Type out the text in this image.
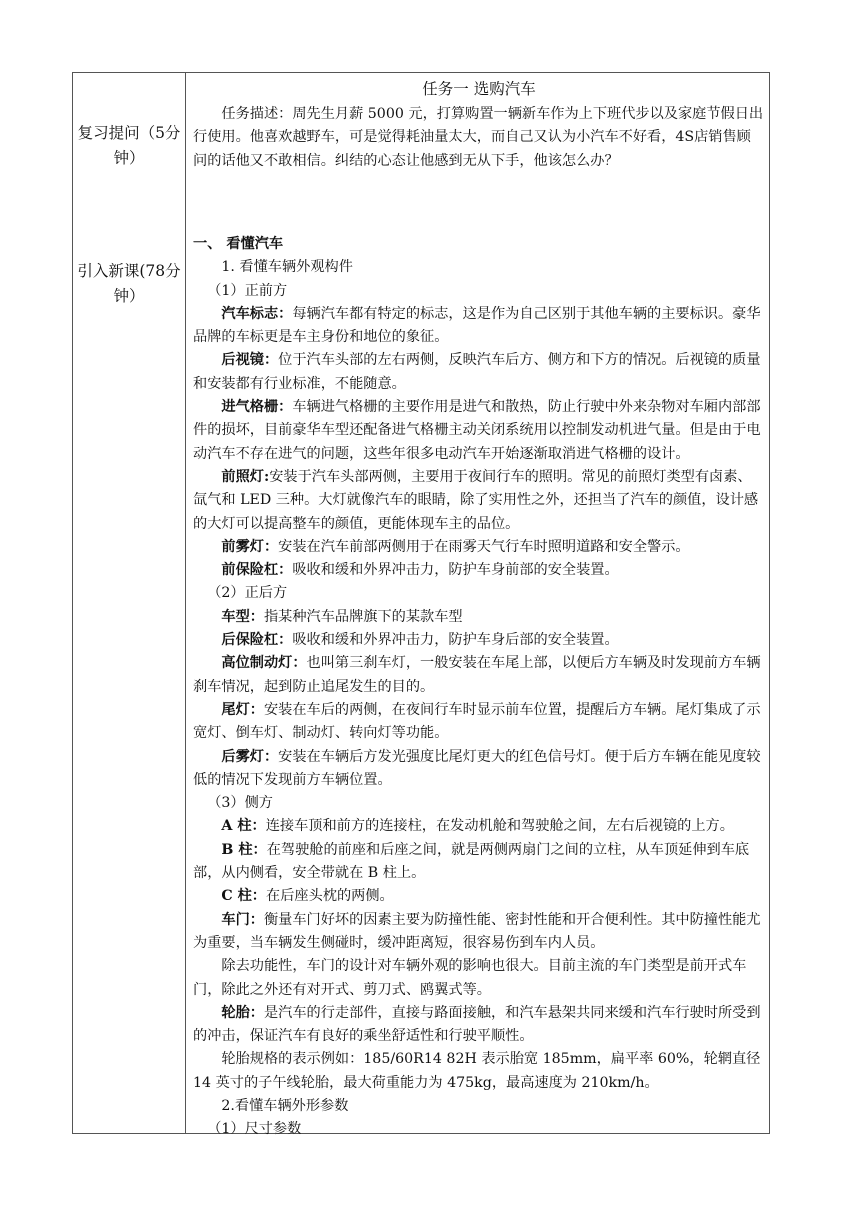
复习提问（5分钟）
引入新课(78分钟）
任务一 选购汽车

任务描述：周先生月薪 5000 元，打算购置一辆新车作为上下班代步以及家庭节假日出行使用。他喜欢越野车，可是觉得耗油量太大，而自己又认为小汽车不好看，4S店销售顾问的话他又不敢相信。纠结的心态让他感到无从下手，他该怎么办？

一、 看懂汽车

1. 看懂车辆外观构件

（1）正前方

汽车标志：每辆汽车都有特定的标志，这是作为自己区别于其他车辆的主要标识。豪华品牌的车标更是车主身份和地位的象征。

后视镜：位于汽车头部的左右两侧，反映汽车后方、侧方和下方的情况。后视镜的质量和安装都有行业标准，不能随意。

进气格栅：车辆进气格栅的主要作用是进气和散热，防止行驶中外来杂物对车厢内部部件的损坏，目前豪华车型还配备进气格栅主动关闭系统用以控制发动机进气量。但是由于电动汽车不存在进气的问题，这些年很多电动汽车开始逐渐取消进气格栅的设计。

前照灯:安装于汽车头部两侧，主要用于夜间行车的照明。常见的前照灯类型有卤素、氙气和 LED 三种。大灯就像汽车的眼睛，除了实用性之外，还担当了汽车的颜值，设计感的大灯可以提高整车的颜值，更能体现车主的品位。

前雾灯：安装在汽车前部两侧用于在雨雾天气行车时照明道路和安全警示。

前保险杠：吸收和缓和外界冲击力，防护车身前部的安全装置。

（2）正后方

车型：指某种汽车品牌旗下的某款车型

后保险杠：吸收和缓和外界冲击力，防护车身后部的安全装置。

高位制动灯：也叫第三刹车灯，一般安装在车尾上部，以便后方车辆及时发现前方车辆刹车情况，起到防止追尾发生的目的。

尾灯：安装在车后的两侧，在夜间行车时显示前车位置，提醒后方车辆。尾灯集成了示宽灯、倒车灯、制动灯、转向灯等功能。

后雾灯：安装在车辆后方发光强度比尾灯更大的红色信号灯。便于后方车辆在能见度较低的情况下发现前方车辆位置。

（3）侧方

A 柱：连接车顶和前方的连接柱，在发动机舱和驾驶舱之间，左右后视镜的上方。

B 柱：在驾驶舱的前座和后座之间，就是两侧两扇门之间的立柱，从车顶延伸到车底部，从内侧看，安全带就在 B 柱上。

C 柱：在后座头枕的两侧。

车门：衡量车门好坏的因素主要为防撞性能、密封性能和开合便利性。其中防撞性能尤为重要，当车辆发生侧碰时，缓冲距离短，很容易伤到车内人员。

除去功能性，车门的设计对车辆外观的影响也很大。目前主流的车门类型是前开式车门，除此之外还有对开式、剪刀式、鸥翼式等。

轮胎：是汽车的行走部件，直接与路面接触，和汽车悬架共同来缓和汽车行驶时所受到的冲击，保证汽车有良好的乘坐舒适性和行驶平顺性。

轮胎规格的表示例如：185/60R14 82H 表示胎宽 185mm，扁平率 60%，轮辋直径 14 英寸的子午线轮胎，最大荷重能力为 475kg，最高速度为 210km/h。

2.看懂车辆外形参数

（1）尺寸参数
